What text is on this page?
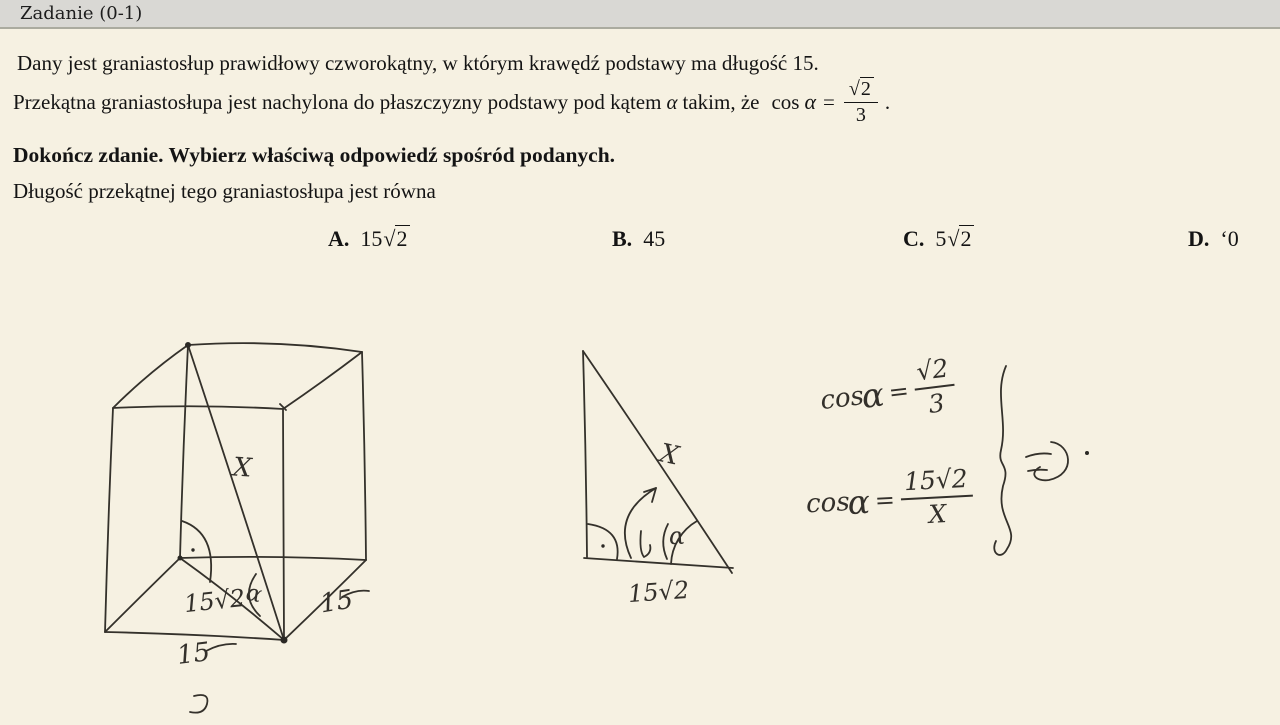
Zadanie (0-1)
Dany jest graniastosłup prawidłowy czworokątny, w którym krawędź podstawy ma długość 15.
Przekątna graniastosłupa jest nachylona do płaszczyzny podstawy pod kątem α takim, że $\cos \alpha = \frac{√2}{3}$ .
Dokończ zdanie. Wybierz właściwą odpowiedź spośród podanych.
Długość przekątnej tego graniastosłupa jest równa
A. 15√2	B. 45	C. 5√2	D. ‘0
X
15√2
α 15
15
X
α
15√2
cos
$\alpha = \frac{√2}{3}$
cos
$\alpha = \frac{15√2}{X}$
